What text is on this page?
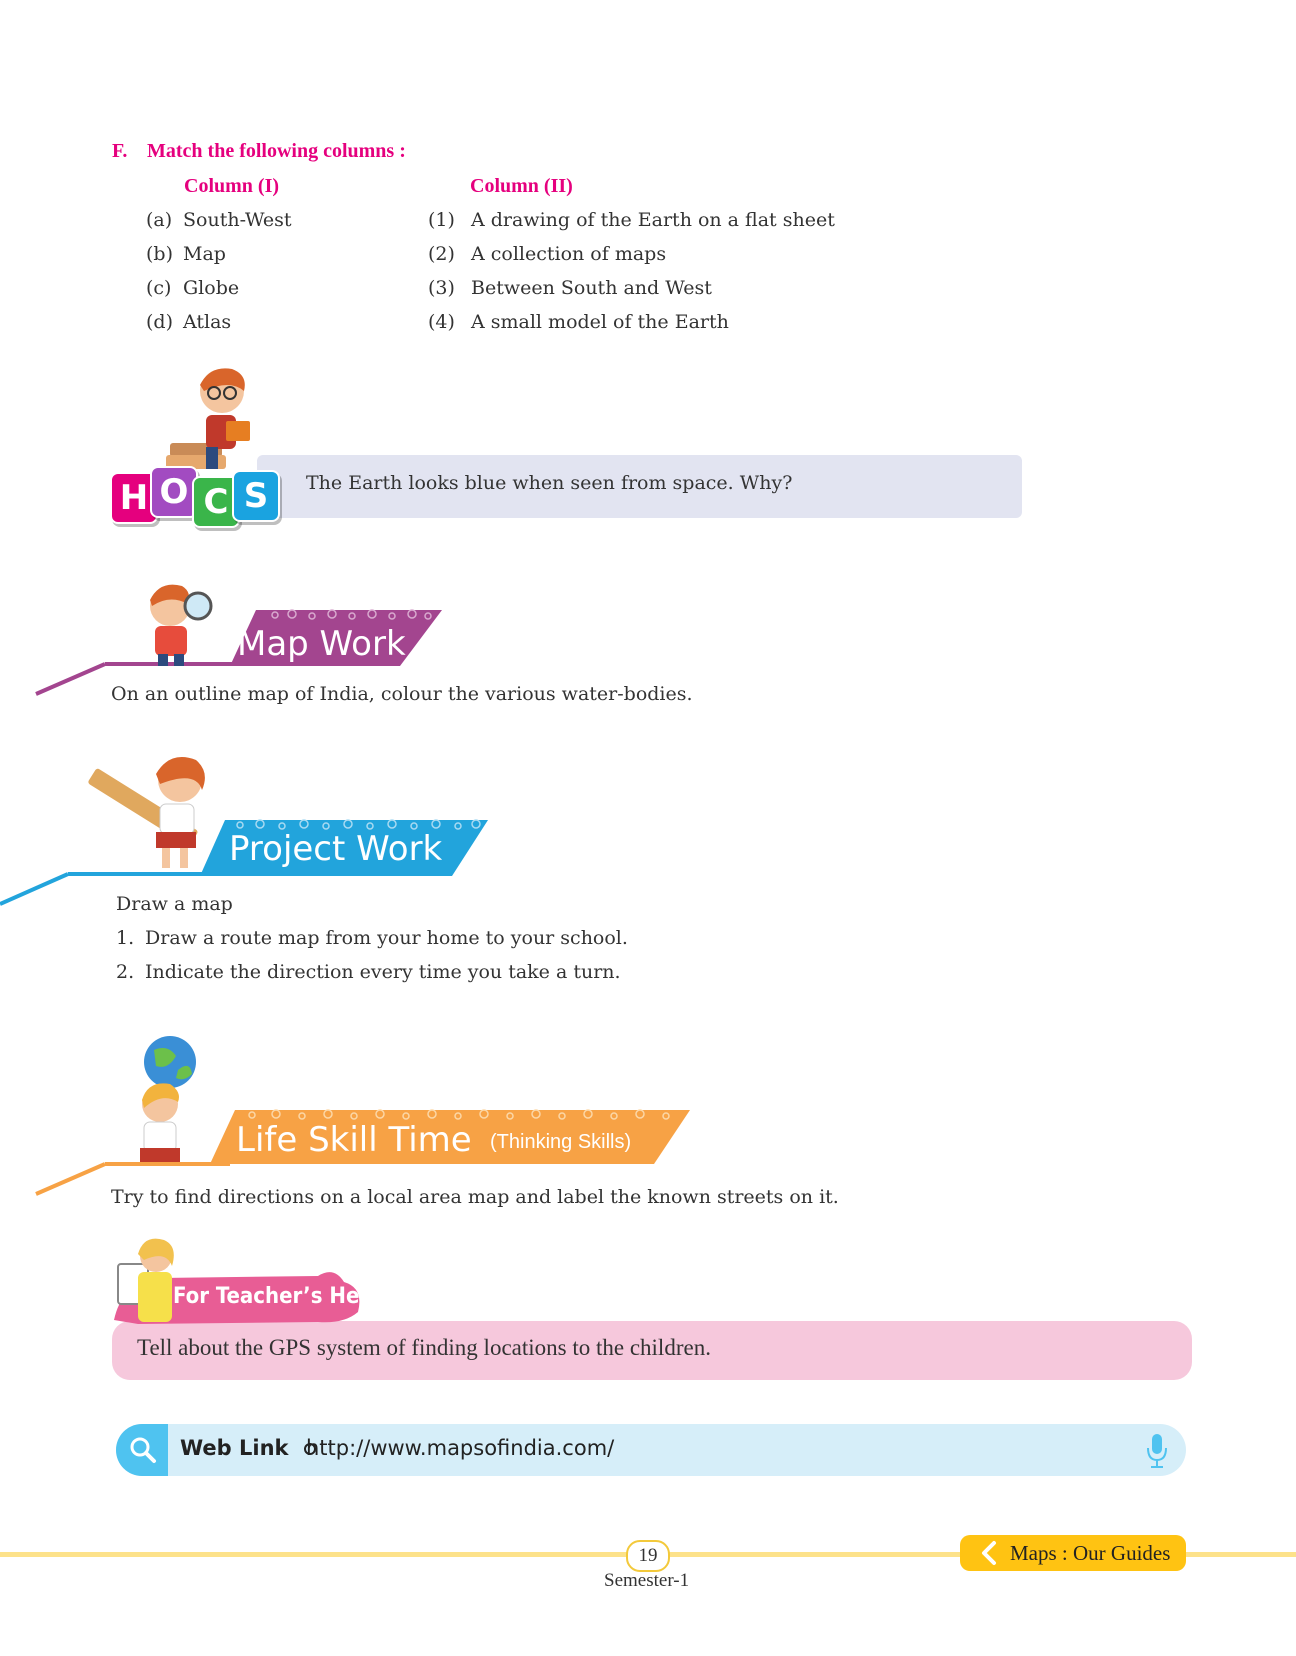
F. Match the following columns :
Column (I)	Column (II)
(a) South-West
(b) Map
(c) Globe
(d) Atlas
(1) A drawing of the Earth on a flat sheet
(2) A collection of maps
(3) Between South and West
(4) A small model of the Earth
The Earth looks blue when seen from space. Why?
H O C S
Map Work
On an outline map of India, colour the various water-bodies.
Project Work
Draw a map
1. Draw a route map from your home to your school.
2. Indicate the direction every time you take a turn.
Life Skill Time (Thinking Skills)
Try to find directions on a local area map and label the known streets on it.
For Teacher’s Help
Tell about the GPS system of finding locations to the children.
Web Link http://www.mapsofindia.com/
19
Semester-1
Maps : Our Guides
